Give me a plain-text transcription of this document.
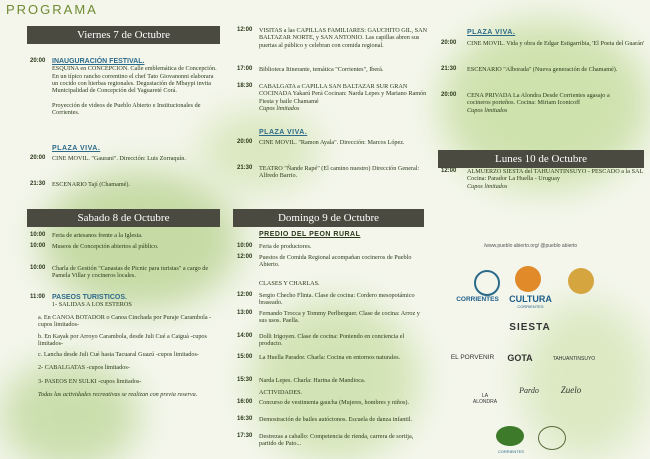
PROGRAMA
Viernes 7 de Octubre
20:00 INAUGURACIÓN FESTIVAL.
ESQUINA en CONCEPCION. Calle emblemática de Concepción. En un típico rancho correntino el chef Tato Giovanonni elaborara un cocido con hierbas regionales. Degustación de Mbaypi invita Municipalidad de Concepción del Yaguareté Corá.

Proyección de videos de Pueblo Abierto e Institucionales de Corrientes.
PLAZA VIVA.
20:00	CINE MOVIL. "Gaurani". Dirección: Luis Zorraquín.
21:30	ESCENARIO Tají (Chamamé).
Sabado 8 de Octubre
10:00	Feria de artesanos frente a la Iglesia.
10:00	Museos de Concepción abiertos al público.
10:00	Charla de Gestión "Canastas de Picnic para turistas" a cargo de Pamela Villar y cocineros locales.
11:00 PASEOS TURISTICOS.
1- SALIDAS A LOS ESTEROS
a. En CANOA BOTADOR o Canoa Cinchada por Puraje Carambola -cupos limitados-
b. En Kayak por Arroyo Carambola, desde Juli Cué a Caiguá -cupos limitados-
c. Lancha desde Juli Cué hasta Tacuaral Guazú -cupos limitados-
2- CABALGATAS -cupos limitados-
3- PASEOS EN SULKI -cupos limitados-
Todas las actividades recreativas se realizan con previa reserva.
12:00	VISITAS a las CAPILLAS FAMILIARES: GAUCHITO GIL, SAN BALTAZAR NORTE, y SAN ANTONIO. Las capillas abren sus puertas al público y celebran con comida regional.
17:00	Biblioteca Itinerante, temática "Corrientes", Iberá.
18:30	CABALGATA a CAPILLA SAN BALTAZAR SUR GRAN COCINADA Yakarú Perá Cocinan: Narda Lepes y Mariano Ramón Fiesta y baile Chamamé
Cupos limitados
PLAZA VIVA.
20:00	CINE MOVIL. "Ramon Ayala". Dirección: Marcos López.
21:30	TEATRO "Ñande Rapé" (El camino nuestro) Dirección General: Alfredo Barrio.
Domingo 9 de Octubre
PREDIO DEL PEON RURAL
10:00	Feria de productores.
12:00	Puestos de Comida Regional acompañan cocineros de Pueblo Abierto.
CLASES Y CHARLAS.
12:00	Sergio Checho Flinta. Clase de cocina: Cordero mesopotámico braseado.
13:00	Fernando Trocca y Tommy Perlberguer. Clase de cocina: Arroz y sus usos. Paella.
14:00	Dolli Irigoyen. Clase de cocina: Poniendo en conciencia el producto.
15:00	La Huella Parador. Charla: Cocina en entornos naturales.
15:30	Narda Lepes. Charla: Harina de Mandioca.
ACTIVIDADES.
16:00	Concurso de vestimenta gaucha (Mujeres, hombres y niños).
16:30	Demostración de bailes autóctonos. Escuela de danza infantil.
17:30	Destrezas a caballo: Competencia de rienda, carrera de sortija, partido de Pato...
PLAZA VIVA.
20:00	CINE MOVIL. Vida y obra de Edgar Estigarribia, 'El Poeta del Guarán'
21:30	ESCENARIO "Alborada" (Nueva generación de Chamamé).
20:00	CENA PRIVADA La Alondra Desde Corrientes agasajo a cocineros porteños. Cocina: Miriam Iconicoff
Cupos limitados
Lunes 10 de Octubre
12:00	ALMUERZO SIESTA del TAHUANTINSUYO - PESCADO a la SAL Cocina: Parador La Huella - Uruguay
Cupos limitados
/www.pueblo abierto.org/ @pueblo abierto
CORRIENTES CULTURA
CORRIENTES
SIESTA
EL PORVENIR	GOTA	TAHUANTINSUYO
LA ALONDRA
Pardo	Zuelo
CORRIENTES
